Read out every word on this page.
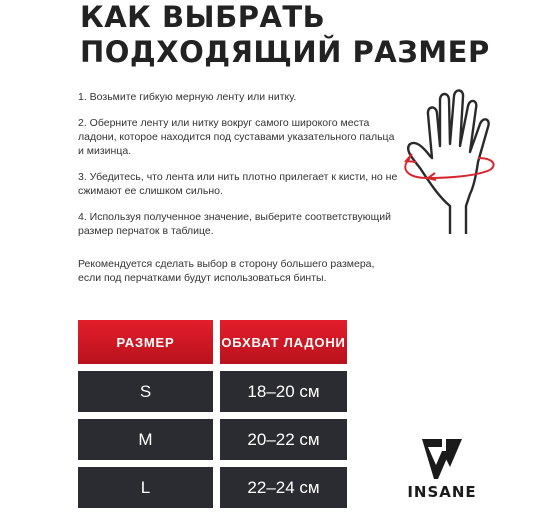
КАК ВЫБРАТЬ
ПОДХОДЯЩИЙ РАЗМЕР

1. Возьмите гибкую мерную ленту или нитку.

2. Оберните ленту или нитку вокруг самого широкого места ладони, которое находится под суставами указательного пальца и мизинца.

3. Убедитесь, что лента или нить плотно прилегает к кисти, но не сжимают ее слишком сильно.

4. Используя полученное значение, выберите соответствующий размер перчаток в таблице.

Рекомендуется сделать выбор в сторону большего размера, если под перчатками будут использоваться бинты.
РАЗМЕР	ОБХВАТ ЛАДОНИ
S	18–20 см
M	20–22 см
L	22–24 см	INSANE
